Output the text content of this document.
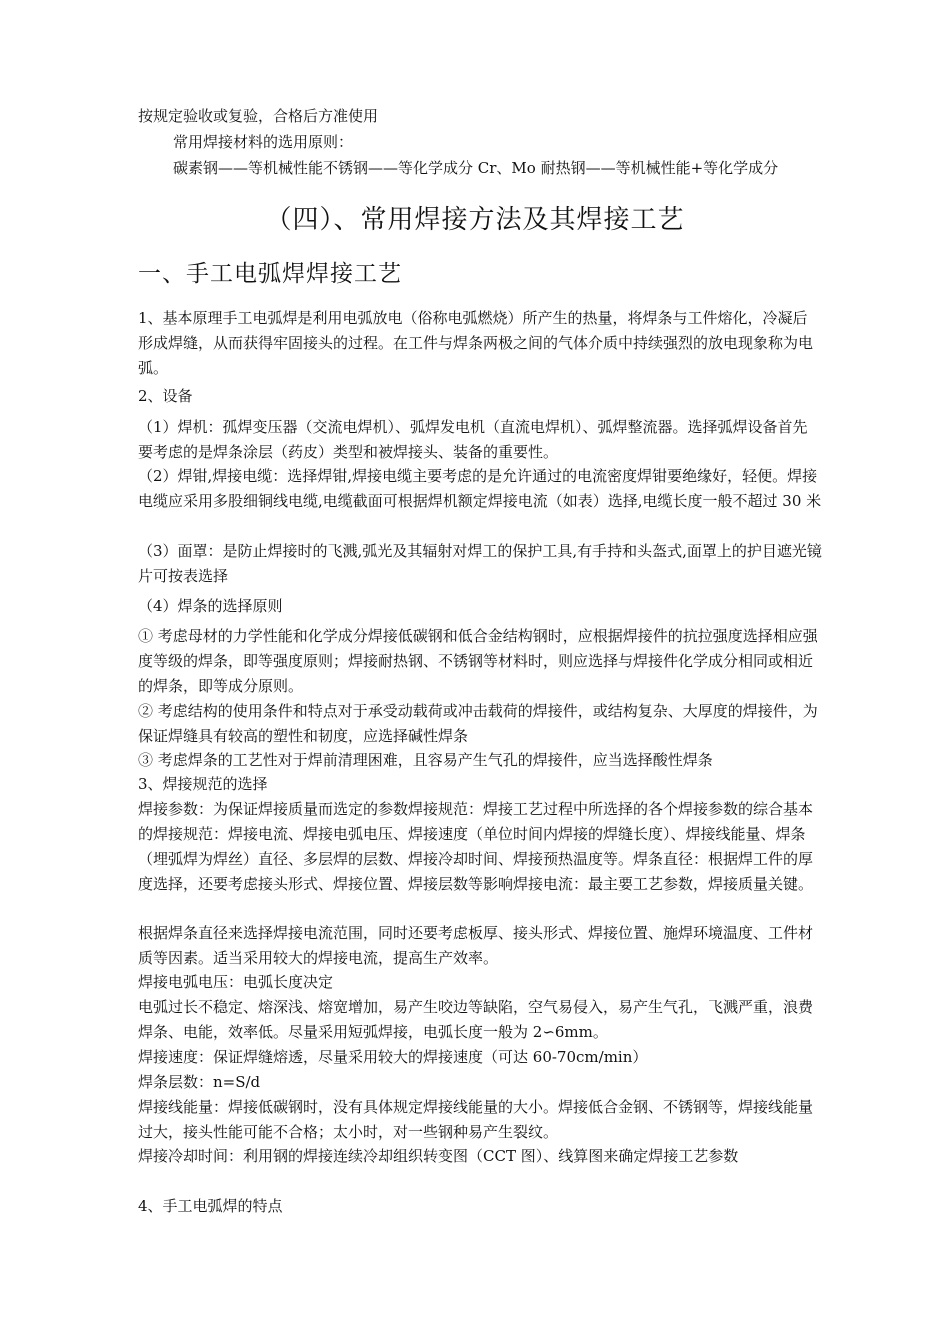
按规定验收或复验，合格后方准使用

常用焊接材料的选用原则：

碳素钢——等机械性能不锈钢——等化学成分 Cr、Mo 耐热钢——等机械性能+等化学成分

（四）、常用焊接方法及其焊接工艺
一、手工电弧焊焊接工艺

1、基本原理手工电弧焊是利用电弧放电（俗称电弧燃烧）所产生的热量，将焊条与工件熔化，冷凝后形成焊缝，从而获得牢固接头的过程。在工件与焊条两极之间的气体介质中持续强烈的放电现象称为电弧。

2、设备

（1）焊机：孤焊变压器（交流电焊机）、弧焊发电机（直流电焊机）、弧焊整流器。选择弧焊设备首先要考虑的是焊条涂层（药皮）类型和被焊接头、装备的重要性。

（2）焊钳,焊接电缆：选择焊钳,焊接电缆主要考虑的是允许通过的电流密度焊钳要绝缘好，轻便。焊接电缆应采用多股细铜线电缆,电缆截面可根据焊机额定焊接电流（如表）选择,电缆长度一般不超过 30 米

（3）面罩：是防止焊接时的飞溅,弧光及其辐射对焊工的保护工具,有手持和头盔式,面罩上的护目遮光镜片可按表选择

（4）焊条的选择原则

① 考虑母材的力学性能和化学成分焊接低碳钢和低合金结构钢时，应根据焊接件的抗拉强度选择相应强度等级的焊条，即等强度原则；焊接耐热钢、不锈钢等材料时，则应选择与焊接件化学成分相同或相近的焊条，即等成分原则。

② 考虑结构的使用条件和特点对于承受动载荷或冲击载荷的焊接件，或结构复杂、大厚度的焊接件，为保证焊缝具有较高的塑性和韧度，应选择碱性焊条

③ 考虑焊条的工艺性对于焊前清理困难，且容易产生气孔的焊接件，应当选择酸性焊条

3、焊接规范的选择

焊接参数：为保证焊接质量而选定的参数焊接规范：焊接工艺过程中所选择的各个焊接参数的综合基本的焊接规范：焊接电流、焊接电弧电压、焊接速度（单位时间内焊接的焊缝长度）、焊接线能量、焊条（埋弧焊为焊丝）直径、多层焊的层数、焊接冷却时间、焊接预热温度等。焊条直径：根据焊工件的厚度选择，还要考虑接头形式、焊接位置、焊接层数等影响焊接电流：最主要工艺参数，焊接质量关键。

根据焊条直径来选择焊接电流范围，同时还要考虑板厚、接头形式、焊接位置、施焊环境温度、工件材质等因素。适当采用较大的焊接电流，提高生产效率。

焊接电弧电压：电弧长度决定

电弧过长不稳定、熔深浅、熔宽增加，易产生咬边等缺陷，空气易侵入，易产生气孔，飞溅严重，浪费焊条、电能，效率低。尽量采用短弧焊接，电弧长度一般为 2∽6mm。

焊接速度：保证焊缝熔透，尽量采用较大的焊接速度（可达 60-70cm/min）

焊条层数：n=S/d

焊接线能量：焊接低碳钢时，没有具体规定焊接线能量的大小。焊接低合金钢、不锈钢等，焊接线能量过大，接头性能可能不合格；太小时，对一些钢种易产生裂纹。

焊接冷却时间：利用钢的焊接连续冷却组织转变图（CCT 图）、线算图来确定焊接工艺参数

4、手工电弧焊的特点
